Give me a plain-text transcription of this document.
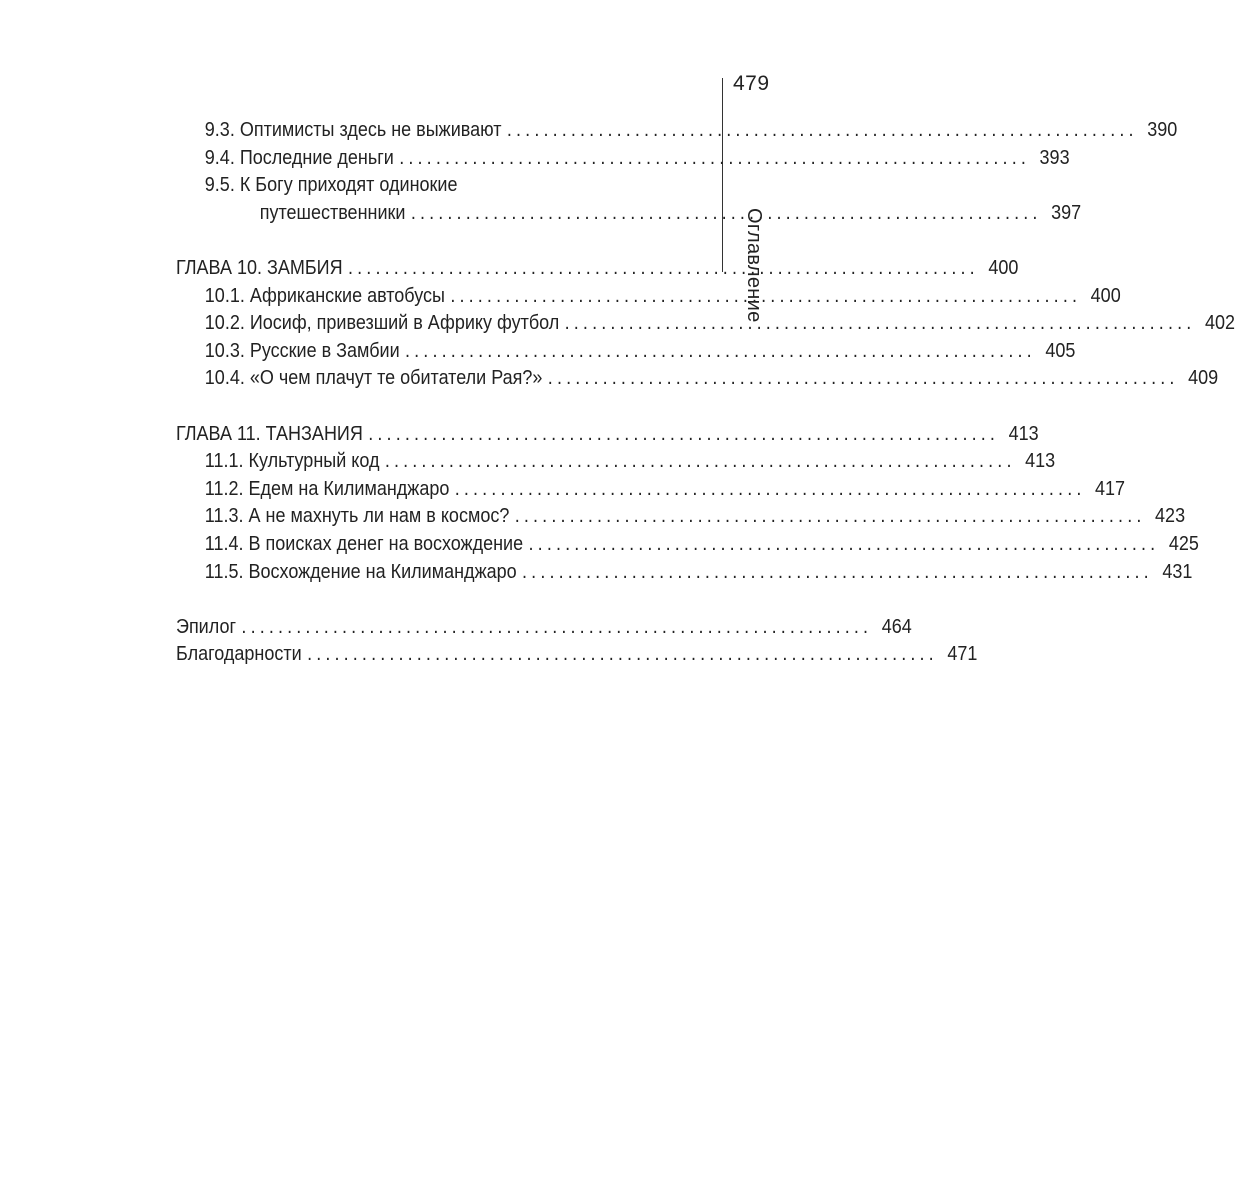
479
Оглавление
9.3. Оптимисты здесь не выживают ..................................................................... 390
9.4. Последние деньги ..................................................................... 393
9.5. К Богу приходят одинокие
путешественники ..................................................................... 397
ГЛАВА 10. ЗАМБИЯ ..................................................................... 400
10.1. Африканские автобусы ..................................................................... 400
10.2. Иосиф, привезший в Африку футбол ..................................................................... 402
10.3. Русские в Замбии ..................................................................... 405
10.4. «О чем плачут те обитатели Рая?» ..................................................................... 409
ГЛАВА 11. ТАНЗАНИЯ ..................................................................... 413
11.1. Культурный код ..................................................................... 413
11.2. Едем на Килиманджаро ..................................................................... 417
11.3. А не махнуть ли нам в космос? ..................................................................... 423
11.4. В поисках денег на восхождение ..................................................................... 425
11.5. Восхождение на Килиманджаро ..................................................................... 431
Эпилог ..................................................................... 464
Благодарности ..................................................................... 471
